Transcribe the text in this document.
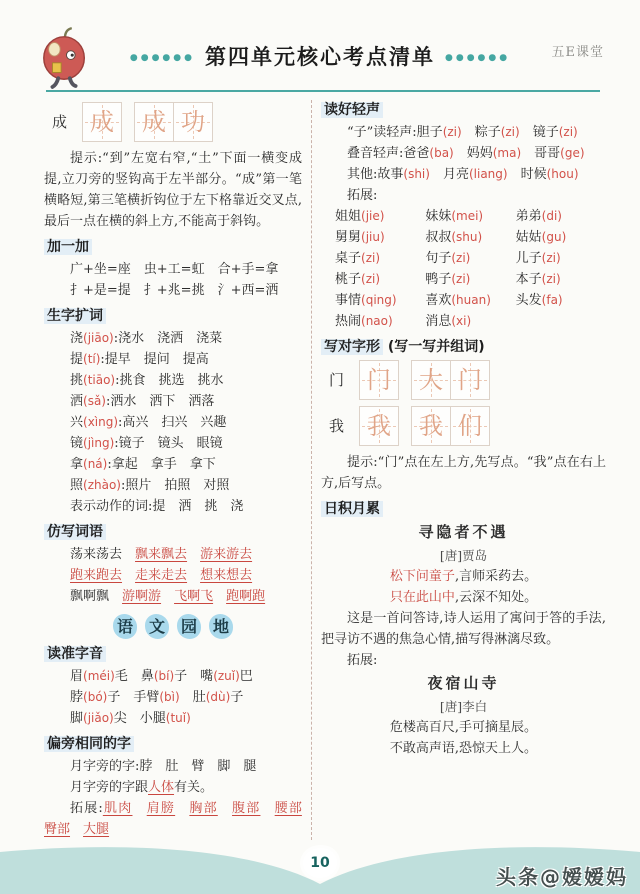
●●●●●● 第四单元核心考点清单 ●●●●●●	五E课堂
成 成 成 功

提示:“到”左宽右窄,“土”下面一横变成提,立刀旁的竖钩高于左半部分。“成”第一笔横略短,第三笔横折钩位于左下格靠近交叉点,最后一点在横的斜上方,不能高于斜钩。

加一加

广+坐=座　虫+工=虹　合+手=拿

扌+是=提　扌+兆=挑　氵+西=洒

生字扩词

浇(jiāo):浇水　浇洒　浇菜

提(tí):提早　提问　提高

挑(tiāo):挑食　挑选　挑水

洒(sǎ):洒水　洒下　洒落

兴(xìng):高兴　扫兴　兴趣

镜(jìng):镜子　镜头　眼镜

拿(ná):拿起　拿手　拿下

照(zhào):照片　拍照　对照

表示动作的词:提　洒　挑　浇

仿写词语

荡来荡去　 飘来飘去　 游来游去

跑来跑去　 走来走去　 想来想去

飘啊飘　 游啊游　 飞啊飞　 跑啊跑

语 文 园 地
读准字音

眉(méi)毛　鼻(bí)子　嘴(zuǐ)巴

脖(bó)子　手臂(bì)　 肚(dù)子

脚(jiǎo)尖　小腿(tuǐ)

偏旁相同的字

月字旁的字:脖　肚　臂　脚　腿

月字旁的字跟人体有关。

拓展:肌肉　 肩膀　 胸部　 腹部　 腰部　臀部　 大腿

读好轻声

“子”读轻声:胆子(zi)　粽子(zi)　镜子(zi)

叠音轻声:爸爸(ba)　妈妈(ma)　哥哥(ge)

其他:故事(shi)　月亮(liang)　时候(hou)

拓展:

姐姐(jie)	妹妹(mei)	弟弟(di)
舅舅(jiu)	叔叔(shu)	姑姑(gu)
桌子(zi)	句子(zi)	儿子(zi)
桃子(zi)	鸭子(zi)	本子(zi)
事情(qing)	喜欢(huan)	头发(fa)
热闹(nao)	消息(xi)
写对字形 (写一写并组词)
门 门 大 门
我 我 我 们

提示:“门”点在左上方,先写点。“我”点在右上方,后写点。

日积月累

寻隐者不遇

[唐]贾岛

松下问童子,言师采药去。

只在此山中,云深不知处。

这是一首问答诗,诗人运用了寓问于答的手法,把寻访不遇的焦急心情,描写得淋漓尽致。

拓展:

夜宿山寺

[唐]李白

危楼高百尺,手可摘星辰。

不敢高声语,恐惊天上人。

10
头条@嫒嫒妈
